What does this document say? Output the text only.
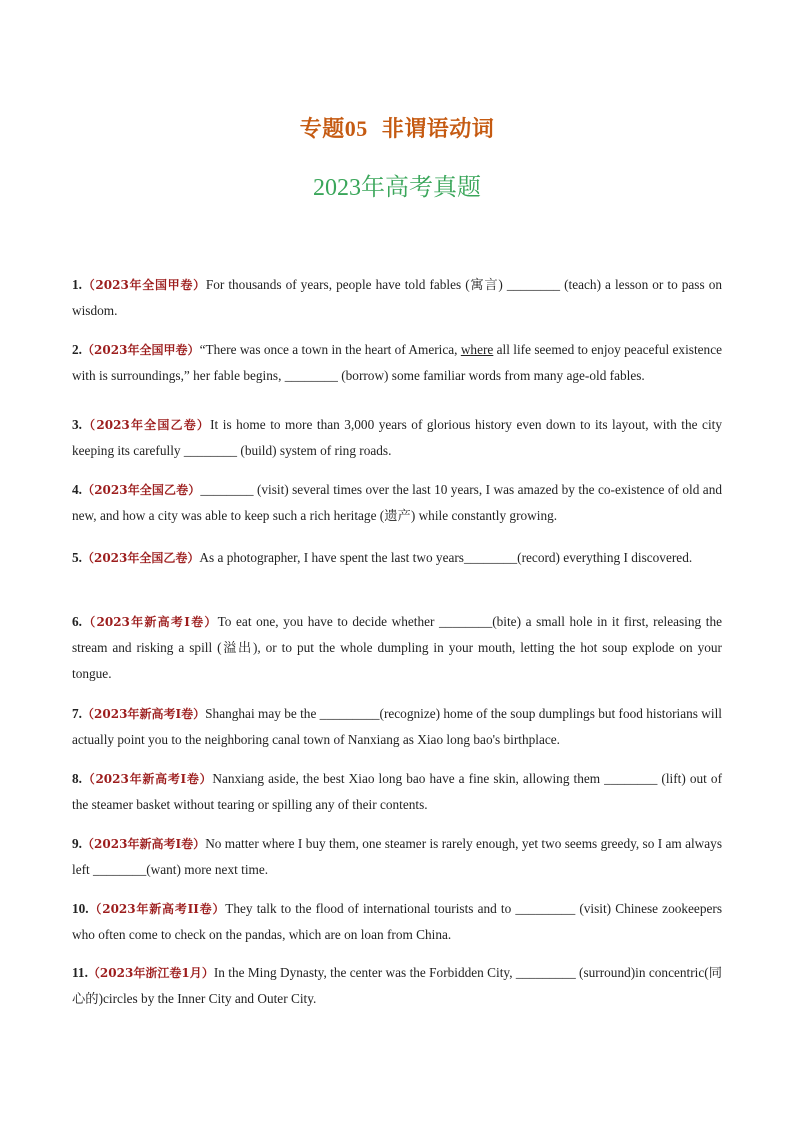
专题05 非谓语动词
2023年高考真题
1.（2023年全国甲卷）For thousands of years, people have told fables (寓言) ________ (teach) a lesson or to pass on wisdom.
2.（2023年全国甲卷）“There was once a town in the heart of America, where all life seemed to enjoy peaceful existence with is surroundings,” her fable begins, ________ (borrow) some familiar words from many age-old fables.
3.（2023年全国乙卷）It is home to more than 3,000 years of glorious history even down to its layout, with the city keeping its carefully ________ (build) system of ring roads.
4.（2023年全国乙卷）________ (visit) several times over the last 10 years, I was amazed by the co-existence of old and new, and how a city was able to keep such a rich heritage (遗产) while constantly growing.
5.（2023年全国乙卷）As a photographer, I have spent the last two years________(record) everything I discovered.
6.（2023年新高考I卷）To eat one, you have to decide whether ________(bite) a small hole in it first, releasing the stream and risking a spill (溢出), or to put the whole dumpling in your mouth, letting the hot soup explode on your tongue.
7.（2023年新高考I卷）Shanghai may be the _________(recognize) home of the soup dumplings but food historians will actually point you to the neighboring canal town of Nanxiang as Xiao long bao's birthplace.
8.（2023年新高考I卷）Nanxiang aside, the best Xiao long bao have a fine skin, allowing them ________ (lift) out of the steamer basket without tearing or spilling any of their contents.
9.（2023年新高考I卷）No matter where I buy them, one steamer is rarely enough, yet two seems greedy, so I am always left ________(want) more next time.
10.（2023年新高考II卷）They talk to the flood of international tourists and to _________ (visit) Chinese zookeepers who often come to check on the pandas, which are on loan from China.
11.（2023年浙江卷1月）In the Ming Dynasty, the center was the Forbidden City, _________ (surround)in concentric(同心的)circles by the Inner City and Outer City.
